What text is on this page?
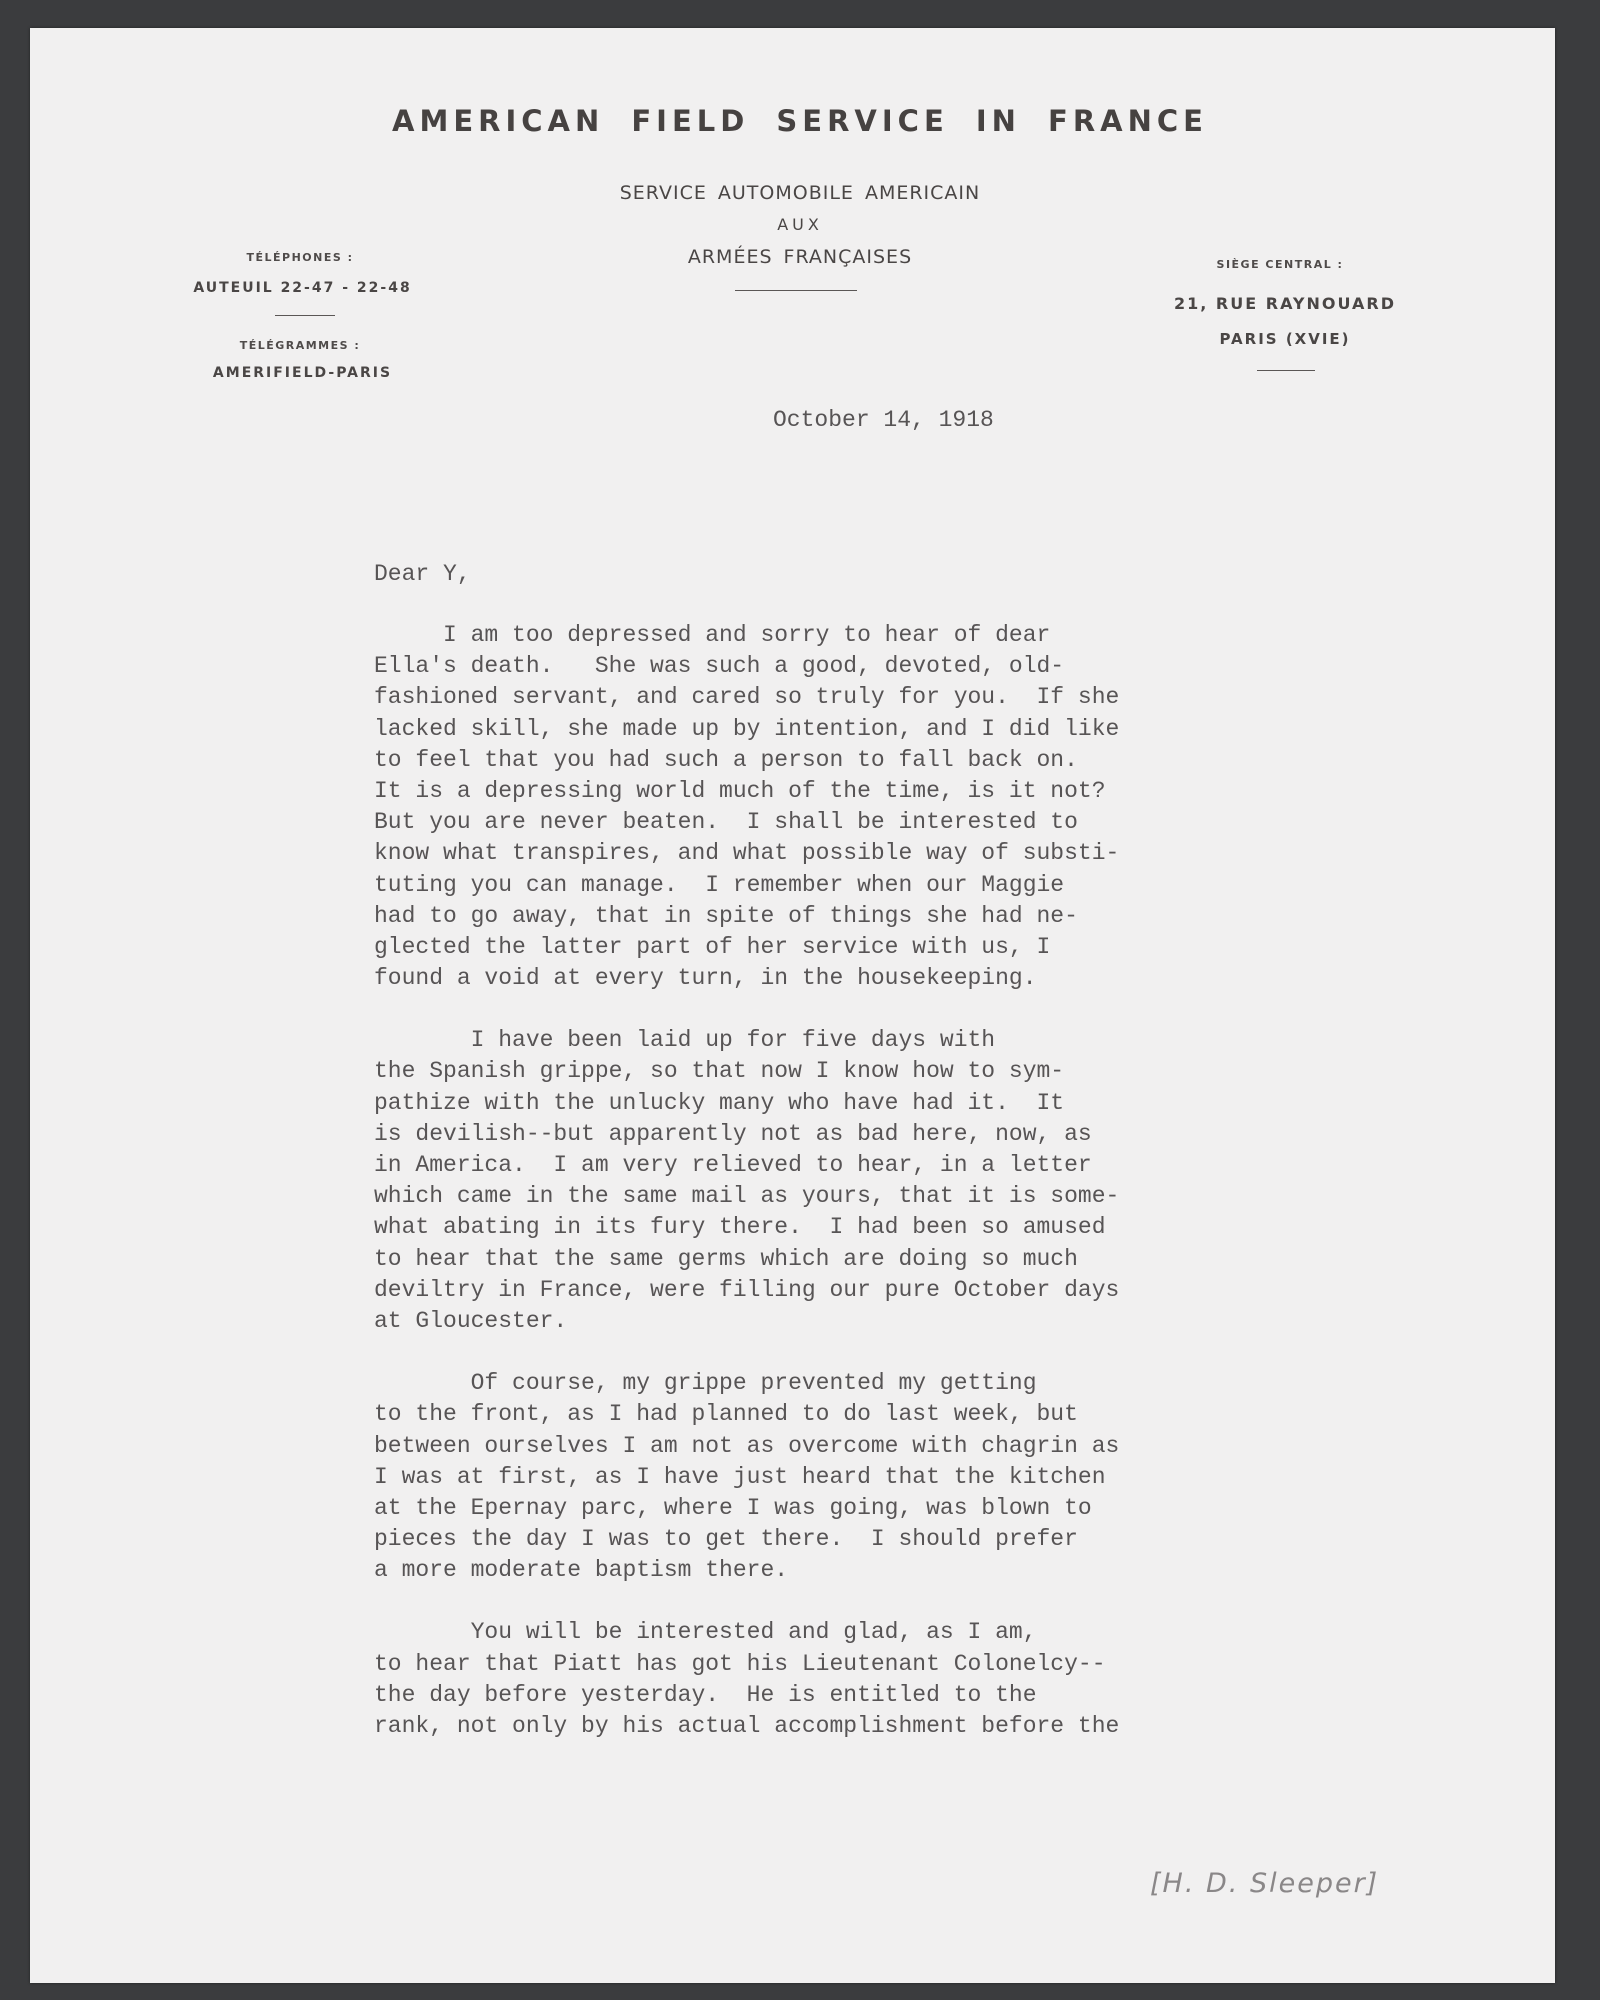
AMERICAN FIELD SERVICE IN FRANCE

SERVICE AUTOMOBILE AMERICAIN

AUX

ARMÉES FRANÇAISES

TÉLÉPHONES :

AUTEUIL 22-47 - 22-48

TÉLÉGRAMMES :

AMERIFIELD-PARIS

SIÈGE CENTRAL :

21, RUE RAYNOUARD

PARIS (XVIE)

October 14, 1918

Dear Y,

I am too depressed and sorry to hear of dear
Ella's death.   She was such a good, devoted, old-
fashioned servant, and cared so truly for you.  If she
lacked skill, she made up by intention, and I did like
to feel that you had such a person to fall back on.
It is a depressing world much of the time, is it not?
But you are never beaten.  I shall be interested to
know what transpires, and what possible way of substi-
tuting you can manage.  I remember when our Maggie
had to go away, that in spite of things she had ne-
glected the latter part of her service with us, I
found a void at every turn, in the housekeeping.
I have been laid up for five days with
the Spanish grippe, so that now I know how to sym-
pathize with the unlucky many who have had it.  It
is devilish--but apparently not as bad here, now, as
in America.  I am very relieved to hear, in a letter
which came in the same mail as yours, that it is some-
what abating in its fury there.  I had been so amused
to hear that the same germs which are doing so much
deviltry in France, were filling our pure October days
at Gloucester.
Of course, my grippe prevented my getting
to the front, as I had planned to do last week, but
between ourselves I am not as overcome with chagrin as
I was at first, as I have just heard that the kitchen
at the Epernay parc, where I was going, was blown to
pieces the day I was to get there.  I should prefer
a more moderate baptism there.
You will be interested and glad, as I am,
to hear that Piatt has got his Lieutenant Colonelcy--
the day before yesterday.  He is entitled to the
rank, not only by his actual accomplishment before the

[H. D. Sleeper]
